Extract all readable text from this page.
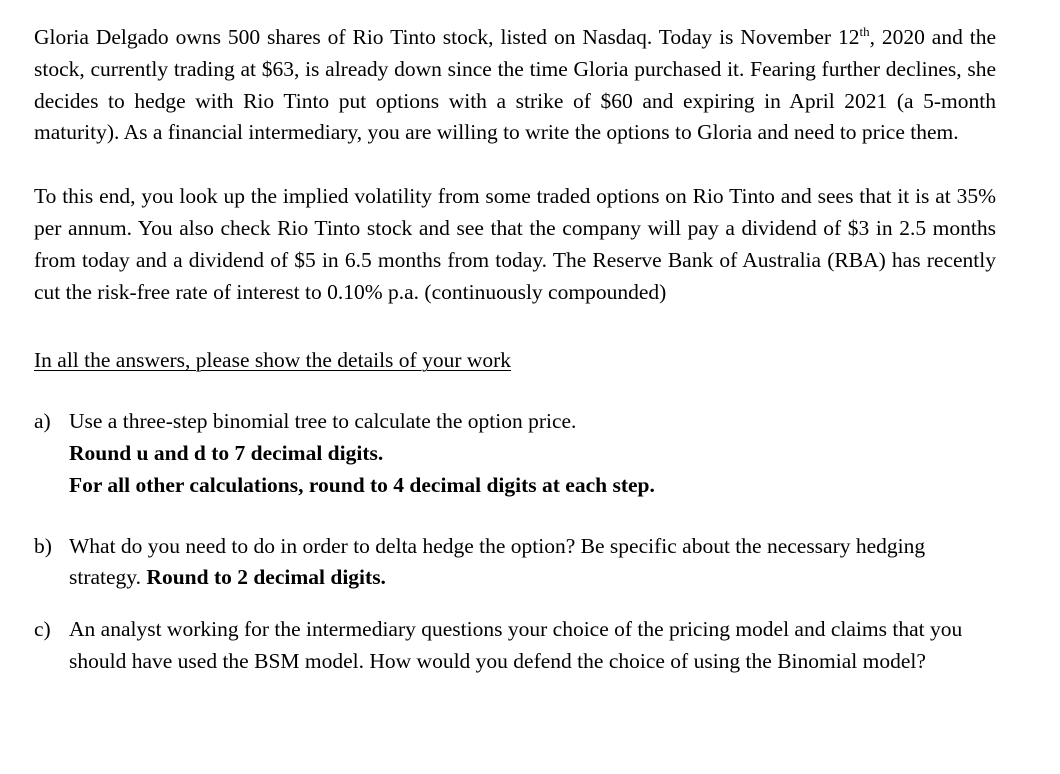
Gloria Delgado owns 500 shares of Rio Tinto stock, listed on Nasdaq. Today is November 12th, 2020 and the stock, currently trading at $63, is already down since the time Gloria purchased it. Fearing further declines, she decides to hedge with Rio Tinto put options with a strike of $60 and expiring in April 2021 (a 5-month maturity). As a financial intermediary, you are willing to write the options to Gloria and need to price them.

To this end, you look up the implied volatility from some traded options on Rio Tinto and sees that it is at 35% per annum. You also check Rio Tinto stock and see that the company will pay a dividend of $3 in 2.5 months from today and a dividend of $5 in 6.5 months from today. The Reserve Bank of Australia (RBA) has recently cut the risk-free rate of interest to 0.10% p.a. (continuously compounded)

In all the answers, please show the details of your work

a) Use a three-step binomial tree to calculate the option price.
Round u and d to 7 decimal digits.
For all other calculations, round to 4 decimal digits at each step.
b) What do you need to do in order to delta hedge the option? Be specific about the necessary hedging strategy. Round to 2 decimal digits.
c) An analyst working for the intermediary questions your choice of the pricing model and claims that you should have used the BSM model. How would you defend the choice of using the Binomial model?
